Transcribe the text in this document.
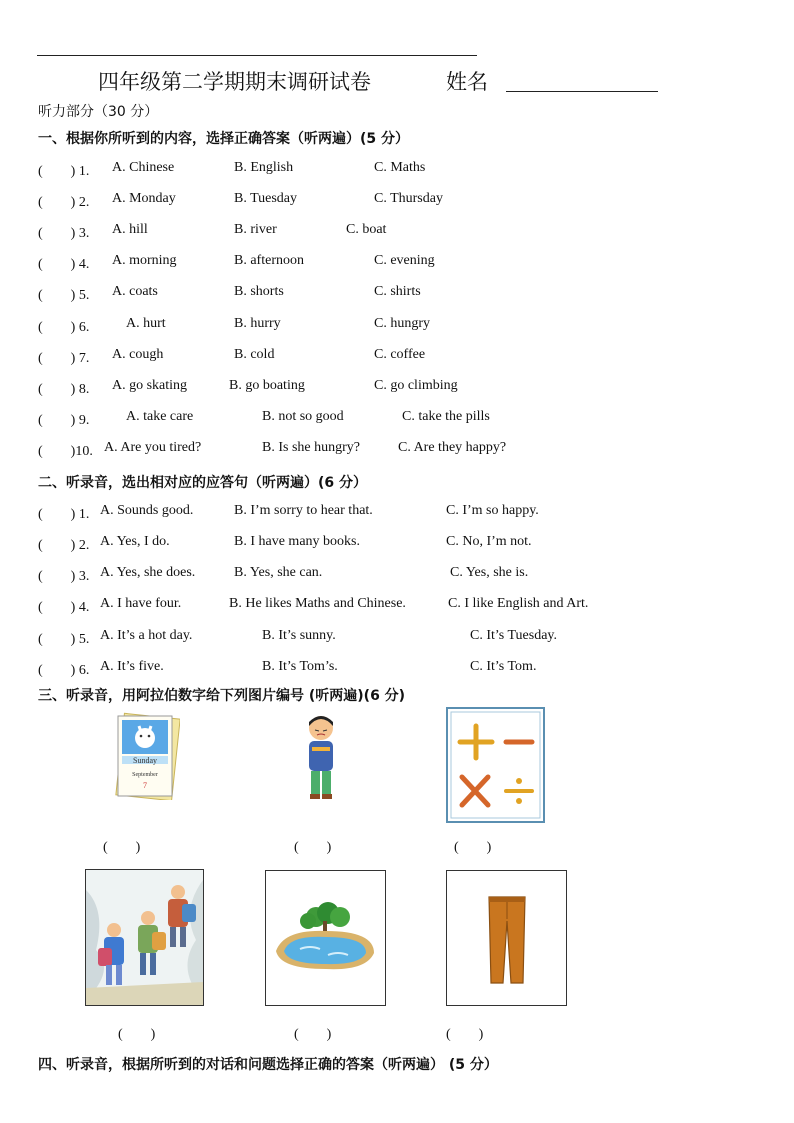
四年级第二学期期末调研试卷	姓名
听力部分（30 分）
一、根据你所听到的内容，选择正确答案（听两遍）(5 分）
(　　) 1. A. Chinese	B. English	C. Maths
(　　) 2. A. Monday	B. Tuesday	C. Thursday
(　　) 3. A. hill	B. river	C. boat
(　　) 4. A. morning	B. afternoon	C. evening
(　　) 5. A. coats	B. shorts	C. shirts
(　　) 6.	A. hurt	B. hurry	C. hungry
(　　) 7. A. cough	B. cold	C. coffee
(　　) 8. A. go skating	B. go boating	C. go climbing
(　　) 9.	A. take care	B. not so good	C. take the pills
(　　)10. A. Are you tired?	B. Is she hungry?	C. Are they happy?
二、听录音，选出相对应的应答句（听两遍）(6 分）
(　　) 1. A. Sounds good.	B. I’m sorry to hear that.	C. I’m so happy.
(　　) 2. A. Yes, I do.	B. I have many books.	C. No, I’m not.
(　　) 3. A. Yes, she does.	B. Yes, she can.	C. Yes, she is.
(　　) 4. A. I have four.	B. He likes Maths and Chinese.	C. I like English and Art.
(　　) 5. A. It’s a hot day.	B. It’s sunny.	C. It’s Tuesday.
(　　) 6. A. It’s five.	B. It’s Tom’s.	C. It’s Tom.
三、听录音，用阿拉伯数字给下列图片编号 (听两遍)(6 分)
Sunday
September
7
(　　)	(　　)	(　　)
(　　)	(　　)	(　　)
四、听录音，根据所听到的对话和问题选择正确的答案（听两遍） (5 分）
